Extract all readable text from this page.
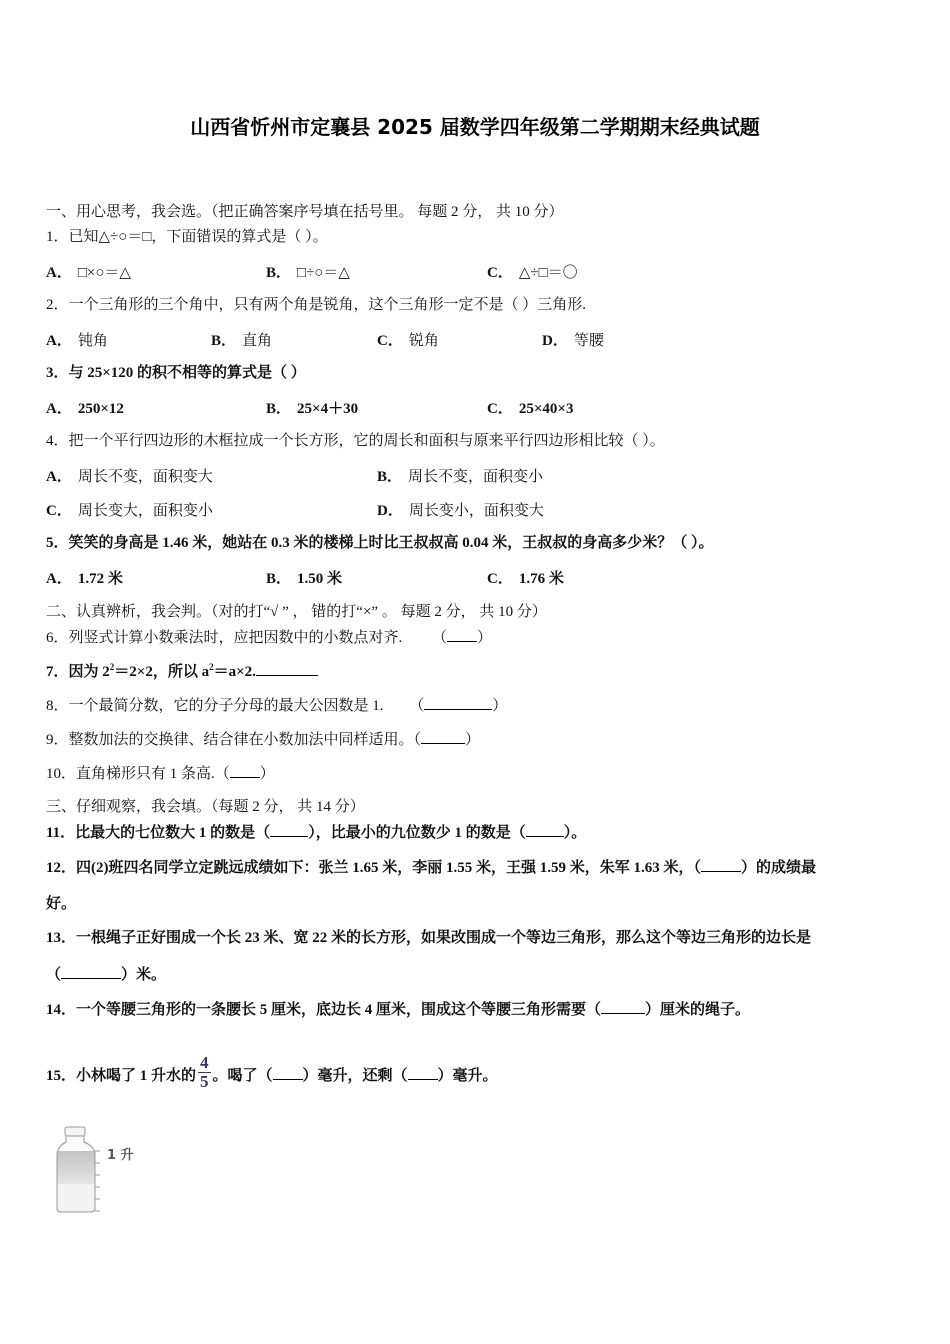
山西省忻州市定襄县 2025 届数学四年级第二学期期末经典试题
一、用心思考，我会选。（把正确答案序号填在括号里。 每题 2 分， 共 10 分）
1．已知△÷○＝□，下面错误的算式是（ ）。
A． □×○＝△	B． □÷○＝△	C． △÷□＝〇
2．一个三角形的三个角中，只有两个角是锐角，这个三角形一定不是（ ）三角形.
A． 钝角	B． 直角	C． 锐角	D． 等腰
3．与 25×120 的积不相等的算式是（ ）
A． 250×12	B． 25×4＋30	C． 25×40×3
4．把一个平行四边形的木框拉成一个长方形，它的周长和面积与原来平行四边形相比较（ ）。
A． 周长不变，面积变大	B． 周长不变，面积变小
C． 周长变大，面积变小	D． 周长变小，面积变大
5．笑笑的身高是 1.46 米，她站在 0.3 米的楼梯上时比王叔叔高 0.04 米，王叔叔的身高多少米？（ ）。
A． 1.72 米	B． 1.50 米	C． 1.76 米
二、认真辨析，我会判。（对的打“√ ” ， 错的打“×” 。 每题 2 分， 共 10 分）
6．列竖式计算小数乘法时，应把因数中的小数点对齐. （ ）
7．因为 $2^2=2\times 2$，所以 $a^2=a\times 2$.
8．一个最简分数，它的分子分母的最大公因数是 1. （	）
9．整数加法的交换律、结合律在小数加法中同样适用。（	）
10．直角梯形只有 1 条高.（ ）
三、仔细观察，我会填。（每题 2 分， 共 14 分）
11．比最大的七位数大 1 的数是（	），比最小的九位数少 1 的数是（	）。
12．四(2)班四名同学立定跳远成绩如下：张兰 1.65 米，李丽 1.55 米，王强 1.59 米，朱军 1.63 米，（	）的成绩最
好。
13．一根绳子正好围成一个长 23 米、宽 22 米的长方形，如果改围成一个等边三角形，那么这个等边三角形的边长是
（	）米。
14．一个等腰三角形的一条腰长 5 厘米，底边长 4 厘米，围成这个等腰三角形需要（	）厘米的绳子。
15．小林喝了 1 升水的 $\frac{4}{5}$ 。喝了（ ）毫升，还剩（ ）毫升。
1 升
